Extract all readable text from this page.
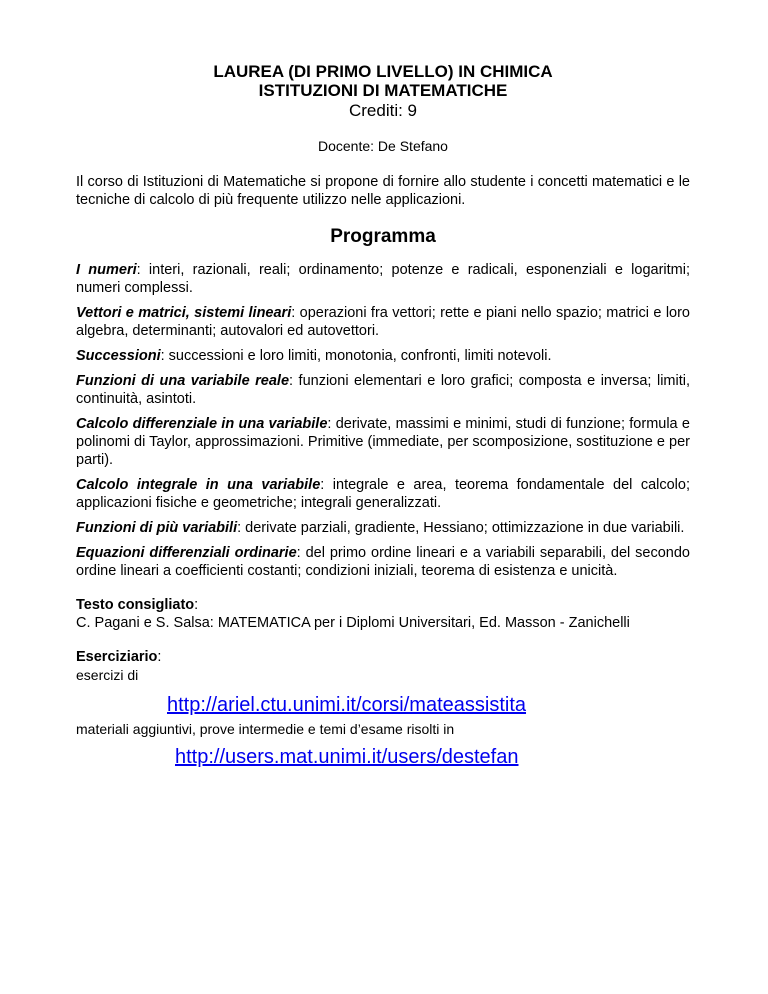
LAUREA (DI PRIMO LIVELLO) IN CHIMICA
ISTITUZIONI DI MATEMATICHE
Crediti: 9
Docente: De Stefano
Il corso di Istituzioni di Matematiche si propone di fornire allo studente i concetti matematici e le tecniche di calcolo di più frequente utilizzo nelle applicazioni.
Programma

I numeri: interi, razionali, reali; ordinamento; potenze e radicali, esponenziali e logaritmi; numeri complessi.

Vettori e matrici, sistemi lineari: operazioni fra vettori; rette e piani nello spazio; matrici e loro algebra, determinanti; autovalori ed autovettori.

Successioni: successioni e loro limiti, monotonia, confronti, limiti notevoli.

Funzioni di una variabile reale: funzioni elementari e loro grafici; composta e inversa; limiti, continuità, asintoti.

Calcolo differenziale in una variabile: derivate, massimi e minimi, studi di funzione; formula e polinomi di Taylor, approssimazioni. Primitive (immediate, per scomposizione, sostituzione e per parti).

Calcolo integrale in una variabile: integrale e area, teorema fondamentale del calcolo; applicazioni fisiche e geometriche; integrali generalizzati.

Funzioni di più variabili: derivate parziali, gradiente, Hessiano; ottimizzazione in due variabili.

Equazioni differenziali ordinarie: del primo ordine lineari e a variabili separabili, del secondo ordine lineari a coefficienti costanti; condizioni iniziali, teorema di esistenza e unicità.

Testo consigliato:
C. Pagani e S. Salsa: MATEMATICA per i Diplomi Universitari, Ed. Masson - Zanichelli
Eserciziario:
esercizi di
http://ariel.ctu.unimi.it/corsi/mateassistita
materiali aggiuntivi, prove intermedie e temi d’esame risolti in
http://users.mat.unimi.it/users/destefan
